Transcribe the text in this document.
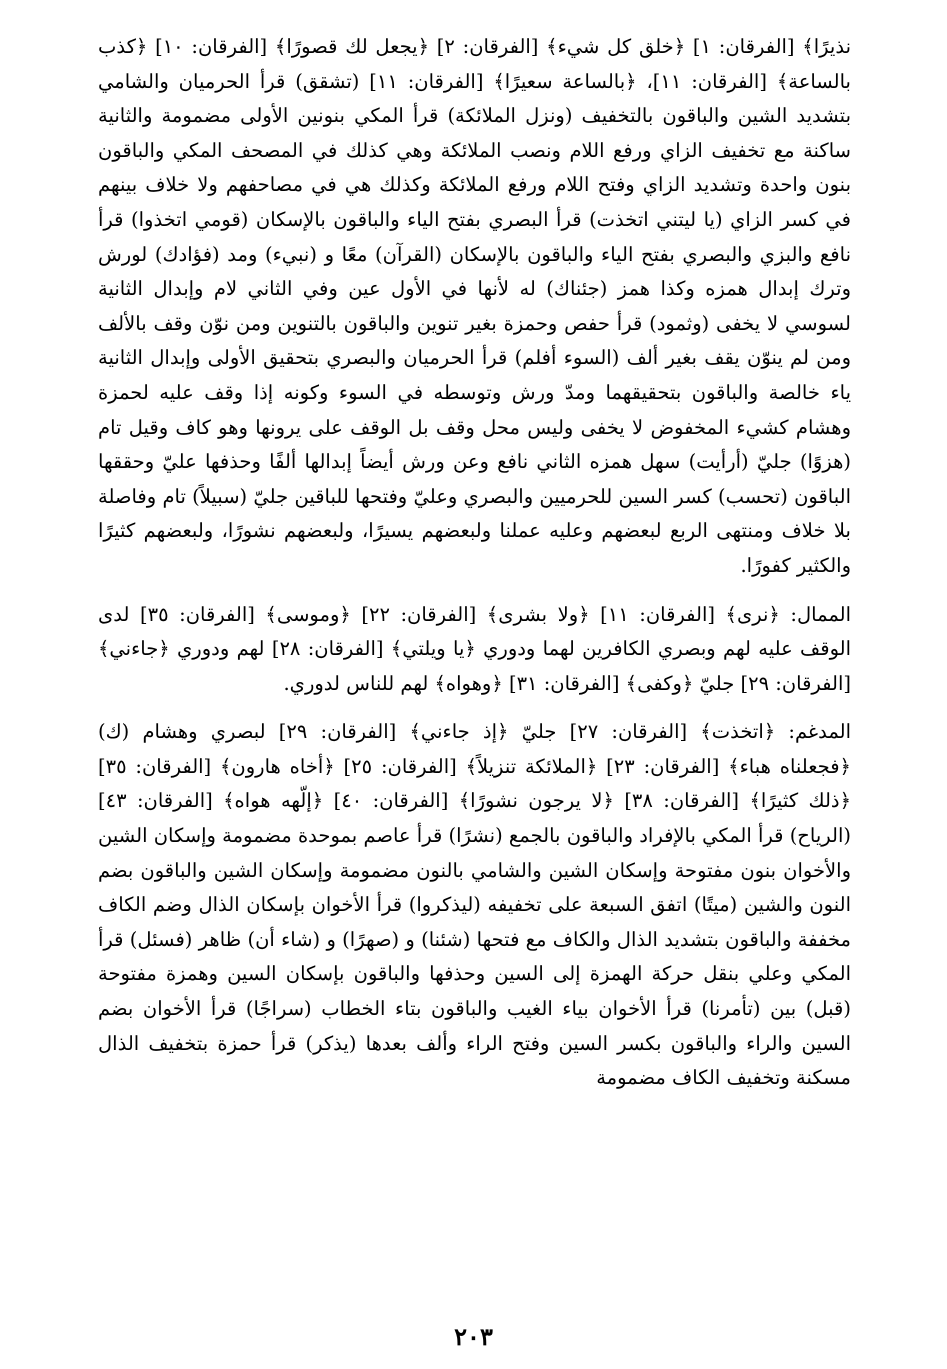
نذيرًا﴾ [الفرقان: ١] ﴿خلق كل شيء﴾ [الفرقان: ٢] ﴿يجعل لك قصورًا﴾ [الفرقان: ١٠] ﴿كذب بالساعة﴾ [الفرقان: ١١]، ﴿بالساعة سعيرًا﴾ [الفرقان: ١١] (تشقق) قرأ الحرميان والشامي بتشديد الشين والباقون بالتخفيف (ونزل الملائكة) قرأ المكي بنونين الأولى مضمومة والثانية ساكنة مع تخفيف الزاي ورفع اللام ونصب الملائكة وهي كذلك في المصحف المكي والباقون بنون واحدة وتشديد الزاي وفتح اللام ورفع الملائكة وكذلك هي في مصاحفهم ولا خلاف بينهم في كسر الزاي (يا ليتني اتخذت) قرأ البصري بفتح الياء والباقون بالإسكان (قومي اتخذوا) قرأ نافع والبزي والبصري بفتح الياء والباقون بالإسكان (القرآن) معًا و (نبيء) ومد (فؤادك) لورش وترك إبدال همزه وكذا همز (جئناك) له لأنها في الأول عين وفي الثاني لام وإبدال الثانية لسوسي لا يخفى (وثمود) قرأ حفص وحمزة بغير تنوين والباقون بالتنوين ومن نوّن وقف بالألف ومن لم ينوّن يقف بغير ألف (السوء أفلم) قرأ الحرميان والبصري بتحقيق الأولى وإبدال الثانية ياء خالصة والباقون بتحقيقهما ومدّ ورش وتوسطه في السوء وكونه إذا وقف عليه لحمزة وهشام كشيء المخفوض لا يخفى وليس محل وقف بل الوقف على يرونها وهو كاف وقيل تام (هزوًا) جليّ (أرأيت) سهل همزه الثاني نافع وعن ورش أيضاً إبدالها ألفًا وحذفها عليّ وحققها الباقون (تحسب) كسر السين للحرميين والبصري وعليّ وفتحها للباقين جليّ (سبيلاً) تام وفاصلة بلا خلاف ومنتهى الربع لبعضهم وعليه عملنا ولبعضهم يسيرًا، ولبعضهم نشورًا، ولبعضهم كثيرًا والكثير كفورًا.

الممال: ﴿نرى﴾ [الفرقان: ١١] ﴿ولا بشرى﴾ [الفرقان: ٢٢] ﴿وموسى﴾ [الفرقان: ٣٥] لدى الوقف عليه لهم وبصري الكافرين لهما ودوري ﴿يا ويلتي﴾ [الفرقان: ٢٨] لهم ودوري ﴿جاءني﴾ [الفرقان: ٢٩] جليّ ﴿وكفى﴾ [الفرقان: ٣١] ﴿وهواه﴾ لهم للناس لدوري.

المدغم: ﴿اتخذت﴾ [الفرقان: ٢٧] جليّ ﴿إذ جاءني﴾ [الفرقان: ٢٩] لبصري وهشام (ك) ﴿فجعلناه هباء﴾ [الفرقان: ٢٣] ﴿الملائكة تنزيلاً﴾ [الفرقان: ٢٥] ﴿أخاه هارون﴾ [الفرقان: ٣٥] ﴿ذلك كثيرًا﴾ [الفرقان: ٣٨] ﴿لا يرجون نشورًا﴾ [الفرقان: ٤٠] ﴿إلّهه هواه﴾ [الفرقان: ٤٣] (الرياح) قرأ المكي بالإفراد والباقون بالجمع (نشرًا) قرأ عاصم بموحدة مضمومة وإسكان الشين والأخوان بنون مفتوحة وإسكان الشين والشامي بالنون مضمومة وإسكان الشين والباقون بضم النون والشين (ميتًا) اتفق السبعة على تخفيفه (ليذكروا) قرأ الأخوان بإسكان الذال وضم الكاف مخففة والباقون بتشديد الذال والكاف مع فتحها (شئنا) و (صهرًا) و (شاء أن) ظاهر (فسئل) قرأ المكي وعلي بنقل حركة الهمزة إلى السين وحذفها والباقون بإسكان السين وهمزة مفتوحة (قبل) بين (تأمرنا) قرأ الأخوان بياء الغيب والباقون بتاء الخطاب (سراجًا) قرأ الأخوان بضم السين والراء والباقون بكسر السين وفتح الراء وألف بعدها (يذكر) قرأ حمزة بتخفيف الذال مسكنة وتخفيف الكاف مضمومة

٢٠٣
